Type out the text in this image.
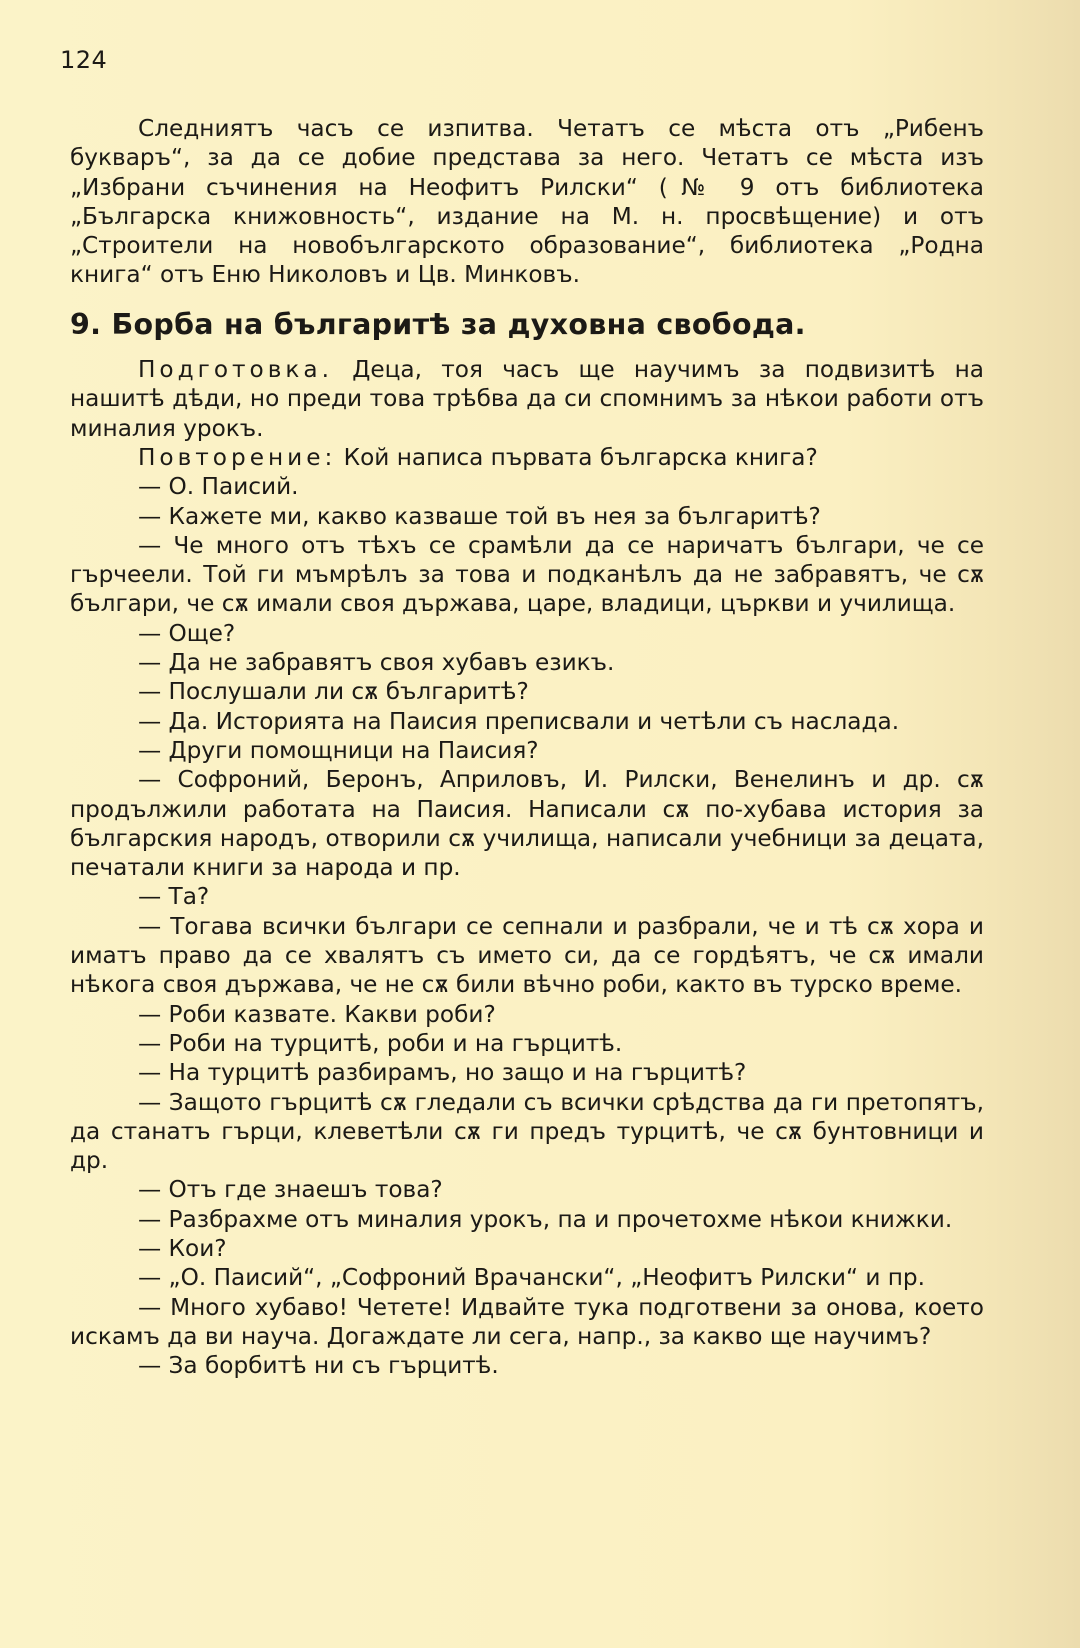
124

Следниятъ часъ се изпитва. Четатъ се мѣста отъ „Рибенъ букваръ“, за да се добие представа за него. Четатъ се мѣста изъ „Избрани съчинения на Неофитъ Рилски“ (№ 9 отъ библиотека „Българска книжовность“, издание на М. н. просвѣщение) и отъ „Строители на новобългарското образование“, библиотека „Родна книга“ отъ Еню Николовъ и Цв. Минковъ.

9. Борба на българитѣ за духовна свобода.

Подготовка. Деца, тоя часъ ще научимъ за подвизитѣ на нашитѣ дѣди, но преди това трѣбва да си спомнимъ за нѣкои работи отъ миналия урокъ.

Повторение: Кой написа първата българска книга?

— О. Паисий.

— Кажете ми, какво казваше той въ нея за българитѣ?

— Че много отъ тѣхъ се срамѣли да се наричатъ българи, че се гърчеели. Той ги мъмрѣлъ за това и подканѣлъ да не забравятъ, че сѫ българи, че сѫ имали своя държава, царе, владици, църкви и училища.

— Още?

— Да не забравятъ своя хубавъ езикъ.

— Послушали ли сѫ българитѣ?

— Да. Историята на Паисия преписвали и четѣли съ наслада.

— Други помощници на Паисия?

— Софроний, Беронъ, Априловъ, И. Рилски, Венелинъ и др. сѫ продължили работата на Паисия. Написали сѫ по-хубава история за българския народъ, отворили сѫ училища, написали учебници за децата, печатали книги за народа и пр.

— Та?

— Тогава всички българи се сепнали и разбрали, че и тѣ сѫ хора и иматъ право да се хвалятъ съ името си, да се гордѣятъ, че сѫ имали нѣкога своя държава, че не сѫ били вѣчно роби, както въ турско време.

— Роби казвате. Какви роби?

— Роби на турцитѣ, роби и на гърцитѣ.

— На турцитѣ разбирамъ, но защо и на гърцитѣ?

— Защото гърцитѣ сѫ гледали съ всички срѣдства да ги претопятъ, да станатъ гърци, клеветѣли сѫ ги предъ турцитѣ, че сѫ бунтовници и др.

— Отъ где знаешъ това?

— Разбрахме отъ миналия урокъ, па и прочетохме нѣкои книжки.

— Кои?

— „О. Паисий“, „Софроний Врачански“, „Неофитъ Рилски“ и пр.

— Много хубаво! Четете! Идвайте тука подготвени за онова, което искамъ да ви науча. Догаждате ли сега, напр., за какво ще научимъ?

— За борбитѣ ни съ гърцитѣ.
